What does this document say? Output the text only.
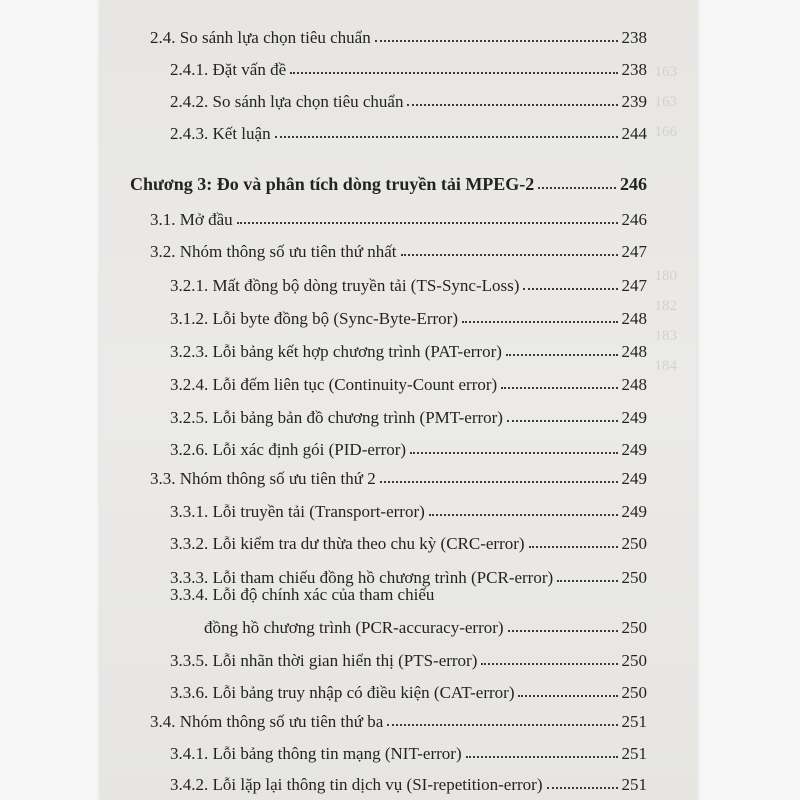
163
163
166
180
182
183
184
2.4. So sánh lựa chọn tiêu chuẩn	238
2.4.1. Đặt vấn đề	238
2.4.2. So sánh lựa chọn tiêu chuẩn	239
2.4.3. Kết luận	244
Chương 3: Đo và phân tích dòng truyền tải MPEG-2	246
3.1. Mở đầu	246
3.2. Nhóm thông số ưu tiên thứ nhất	247
3.2.1. Mất đồng bộ dòng truyền tải (TS-Sync-Loss)	247
3.1.2. Lỗi byte đồng bộ (Sync-Byte-Error)	248
3.2.3. Lỗi bảng kết hợp chương trình (PAT-error)	248
3.2.4. Lỗi đếm liên tục (Continuity-Count error)	248
3.2.5. Lỗi bảng bản đồ chương trình (PMT-error)	249
3.2.6. Lỗi xác định gói (PID-error)	249
3.3. Nhóm thông số ưu tiên thứ 2	249
3.3.1. Lỗi truyền tải (Transport-error)	249
3.3.2. Lỗi kiểm tra dư thừa theo chu kỳ (CRC-error)	250
3.3.3. Lỗi tham chiếu đồng hồ chương trình (PCR-error)	250
3.3.4. Lỗi độ chính xác của tham chiếu
đồng hồ chương trình (PCR-accuracy-error)	250
3.3.5. Lỗi nhãn thời gian hiển thị (PTS-error)	250
3.3.6. Lỗi bảng truy nhập có điều kiện (CAT-error)	250
3.4. Nhóm thông số ưu tiên thứ ba	251
3.4.1. Lỗi bảng thông tin mạng (NIT-error)	251
3.4.2. Lỗi lặp lại thông tin dịch vụ (SI-repetition-error)	251
